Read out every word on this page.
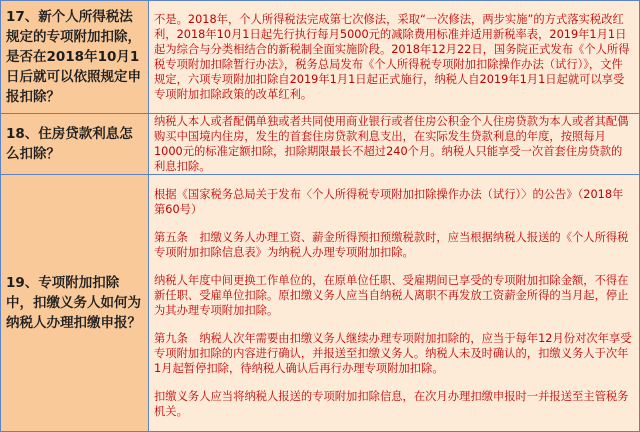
17、新个人所得税法规定的专项附加扣除，是否在2018年10月1日后就可以依照规定申报扣除？	不是。2018年，个人所得税法完成第七次修法，采取“一次修法，两步实施”的方式落实税改红利，2018年10月1日起先行执行每月5000元的减除费用标准并适用新税率表，2019年1月1日起为综合与分类相结合的新税制全面实施阶段。2018年12月22日，国务院正式发布《个人所得税专项附加扣除暂行办法》，税务总局发布《个人所得税专项附加扣除操作办法（试行）》，文件规定，六项专项附加扣除自2019年1月1日起正式施行，纳税人自2019年1月1日起就可以享受专项附加扣除政策的改革红利。

18、住房贷款利息怎么扣除？	纳税人本人或者配偶单独或者共同使用商业银行或者住房公积金个人住房贷款为本人或者其配偶购买中国境内住房，发生的首套住房贷款利息支出，在实际发生贷款利息的年度，按照每月1000元的标准定额扣除，扣除期限最长不超过240个月。纳税人只能享受一次首套住房贷款的利息扣除。

19、专项附加扣除中，扣缴义务人如何为纳税人办理扣缴申报？	根据《国家税务总局关于发布〈个人所得税专项附加扣除操作办法（试行）〉的公告》（2018年第60号）

第五条　扣缴义务人办理工资、薪金所得预扣预缴税款时，应当根据纳税人报送的《个人所得税专项附加扣除信息表》为纳税人办理专项附加扣除。

纳税人年度中间更换工作单位的，在原单位任职、受雇期间已享受的专项附加扣除金额，不得在新任职、受雇单位扣除。原扣缴义务人应当自纳税人离职不再发放工资薪金所得的当月起，停止为其办理专项附加扣除。

第九条　纳税人次年需要由扣缴义务人继续办理专项附加扣除的，应当于每年12月份对次年享受专项附加扣除的内容进行确认，并报送至扣缴义务人。纳税人未及时确认的，扣缴义务人于次年1月起暂停扣除，待纳税人确认后再行办理专项附加扣除。

扣缴义务人应当将纳税人报送的专项附加扣除信息，在次月办理扣缴申报时一并报送至主管税务机关。
